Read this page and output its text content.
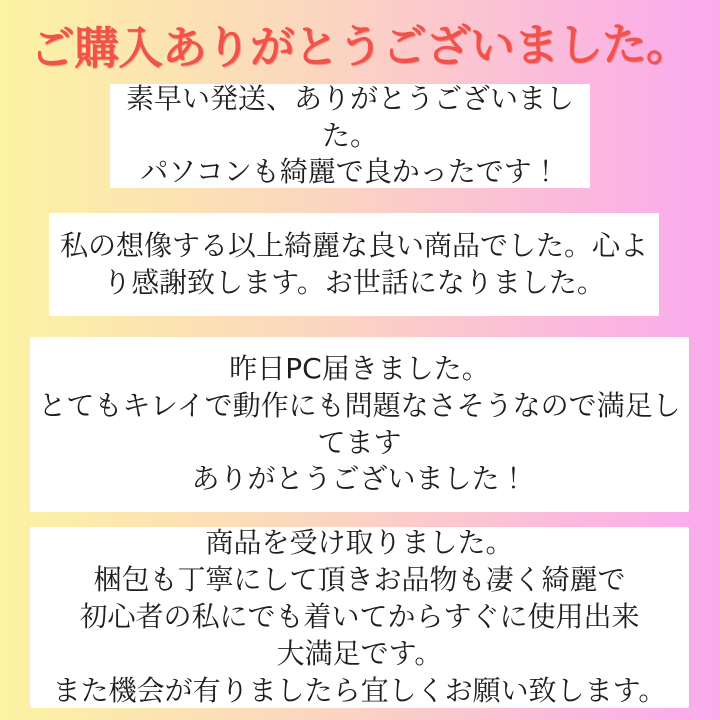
ご購入ありがとうございました。

素早い発送、ありがとうございました。

パソコンも綺麗で良かったです！

私の想像する以上綺麗な良い商品でした。心より感謝致します。お世話になりました。

昨日PC届きました。

とてもキレイで動作にも問題なさそうなので満足してます

ありがとうございました！

商品を受け取りました。

梱包も丁寧にして頂きお品物も凄く綺麗で

初心者の私にでも着いてからすぐに使用出来

大満足です。

また機会が有りましたら宜しくお願い致します。
